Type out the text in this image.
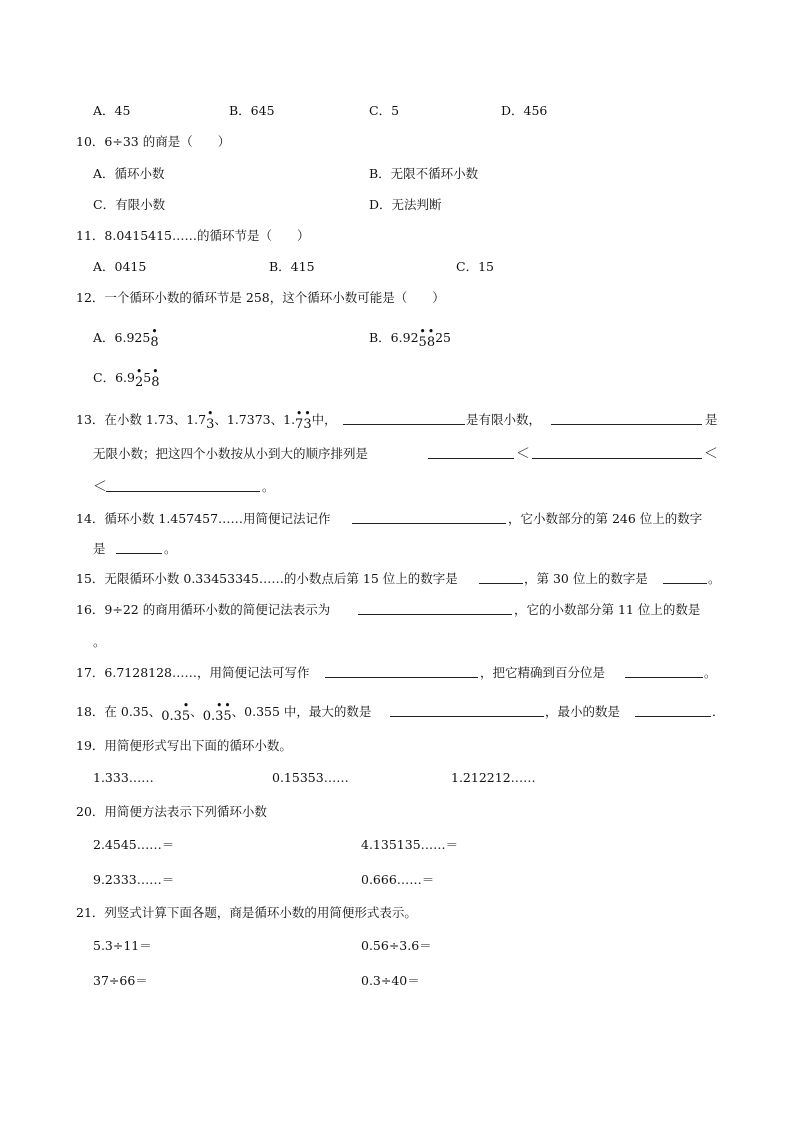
A．45	B．645	C．5	D．456
10．6÷33 的商是（　　）
A．循环小数	B．无限不循环小数
C．有限小数	D．无法判断
11．8.0415415……的循环节是（　　）
A．0415	B．415	C．15
12．一个循环小数的循环节是 258，这个循环小数可能是（　　）
A．6.925 •
8	B．6.92 •
5
•
825
C．6.9 •
25 •
8
13．在小数 1.73、1.7 •
3、1.7373、1. •
7
•
3中，	是有限小数，	是
无限小数；把这四个小数按从小到大的顺序排列是	＜	＜
＜	。
14．循环小数 1.457457……用简便记法记作	，它小数部分的第 246 位上的数字
是	。
15．无限循环小数 0.33453345……的小数点后第 15 位上的数字是	，第 30 位上的数字是	。
16．9÷22 的商用循环小数的简便记法表示为	，它的小数部分第 11 位上的数是
。
17．6.7128128……，用简便记法可写作	，把它精确到百分位是	。
18．在 0.35、0.3
•
5、0.
•
3
•
5、0.355 中，最大的数是	，最小的数是	．
19．用简便形式写出下面的循环小数。
1.333……	0.15353……	1.212212……
20．用简便方法表示下列循环小数
2.4545……＝	4.135135……＝
9.2333……＝	0.666……＝
21．列竖式计算下面各题，商是循环小数的用简便形式表示。
5.3÷11＝	0.56÷3.6＝
37÷66＝	0.3÷40＝
